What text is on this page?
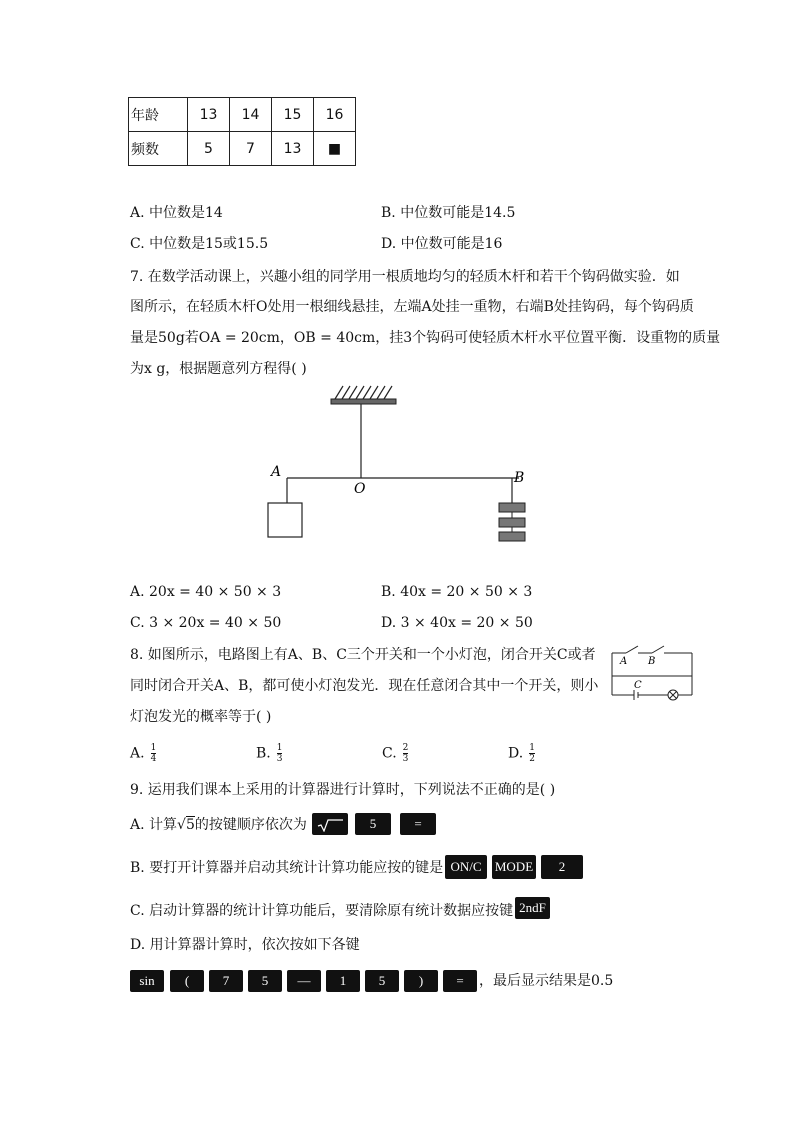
年龄	13	14	15	16
频数	5	7	13	■
A. 中位数是14	B. 中位数可能是14.5
C. 中位数是15或15.5	D. 中位数可能是16
7. 在数学活动课上，兴趣小组的同学用一根质地均匀的轻质木杆和若干个钩码做实验．如
图所示，在轻质木杆O处用一根细线悬挂，左端A处挂一重物，右端B处挂钩码，每个钩码质
量是50g若OA = 20cm，OB = 40cm，挂3个钩码可使轻质木杆水平位置平衡．设重物的质量
为x g，根据题意列方程得( )
A
O
B
A. 20x = 40 × 50 × 3	B. 40x = 20 × 50 × 3
C. 3 × 20x = 40 × 50	D. 3 × 40x = 20 × 50
8. 如图所示，电路图上有A、B、C三个开关和一个小灯泡，闭合开关C或者
同时闭合开关A、B，都可使小灯泡发光．现在任意闭合其中一个开关，则小
灯泡发光的概率等于( )
A B
C
A. $\frac{1}{4}$	B. $\frac{1}{3}$	C. $\frac{2}{3}$	D. $\frac{1}{2}$
9. 运用我们课本上采用的计算器进行计算时，下列说法不正确的是( )
A. 计算√5的按键顺序依次为	5	=
B. 要打开计算器并启动其统计计算功能应按的键是 ON/C	MODE	2
C. 启动计算器的统计计算功能后，要清除原有统计数据应按键 2ndF
D. 用计算器计算时，依次按如下各键
sin	(	7	5	—	1	5	)	=	，最后显示结果是0.5
